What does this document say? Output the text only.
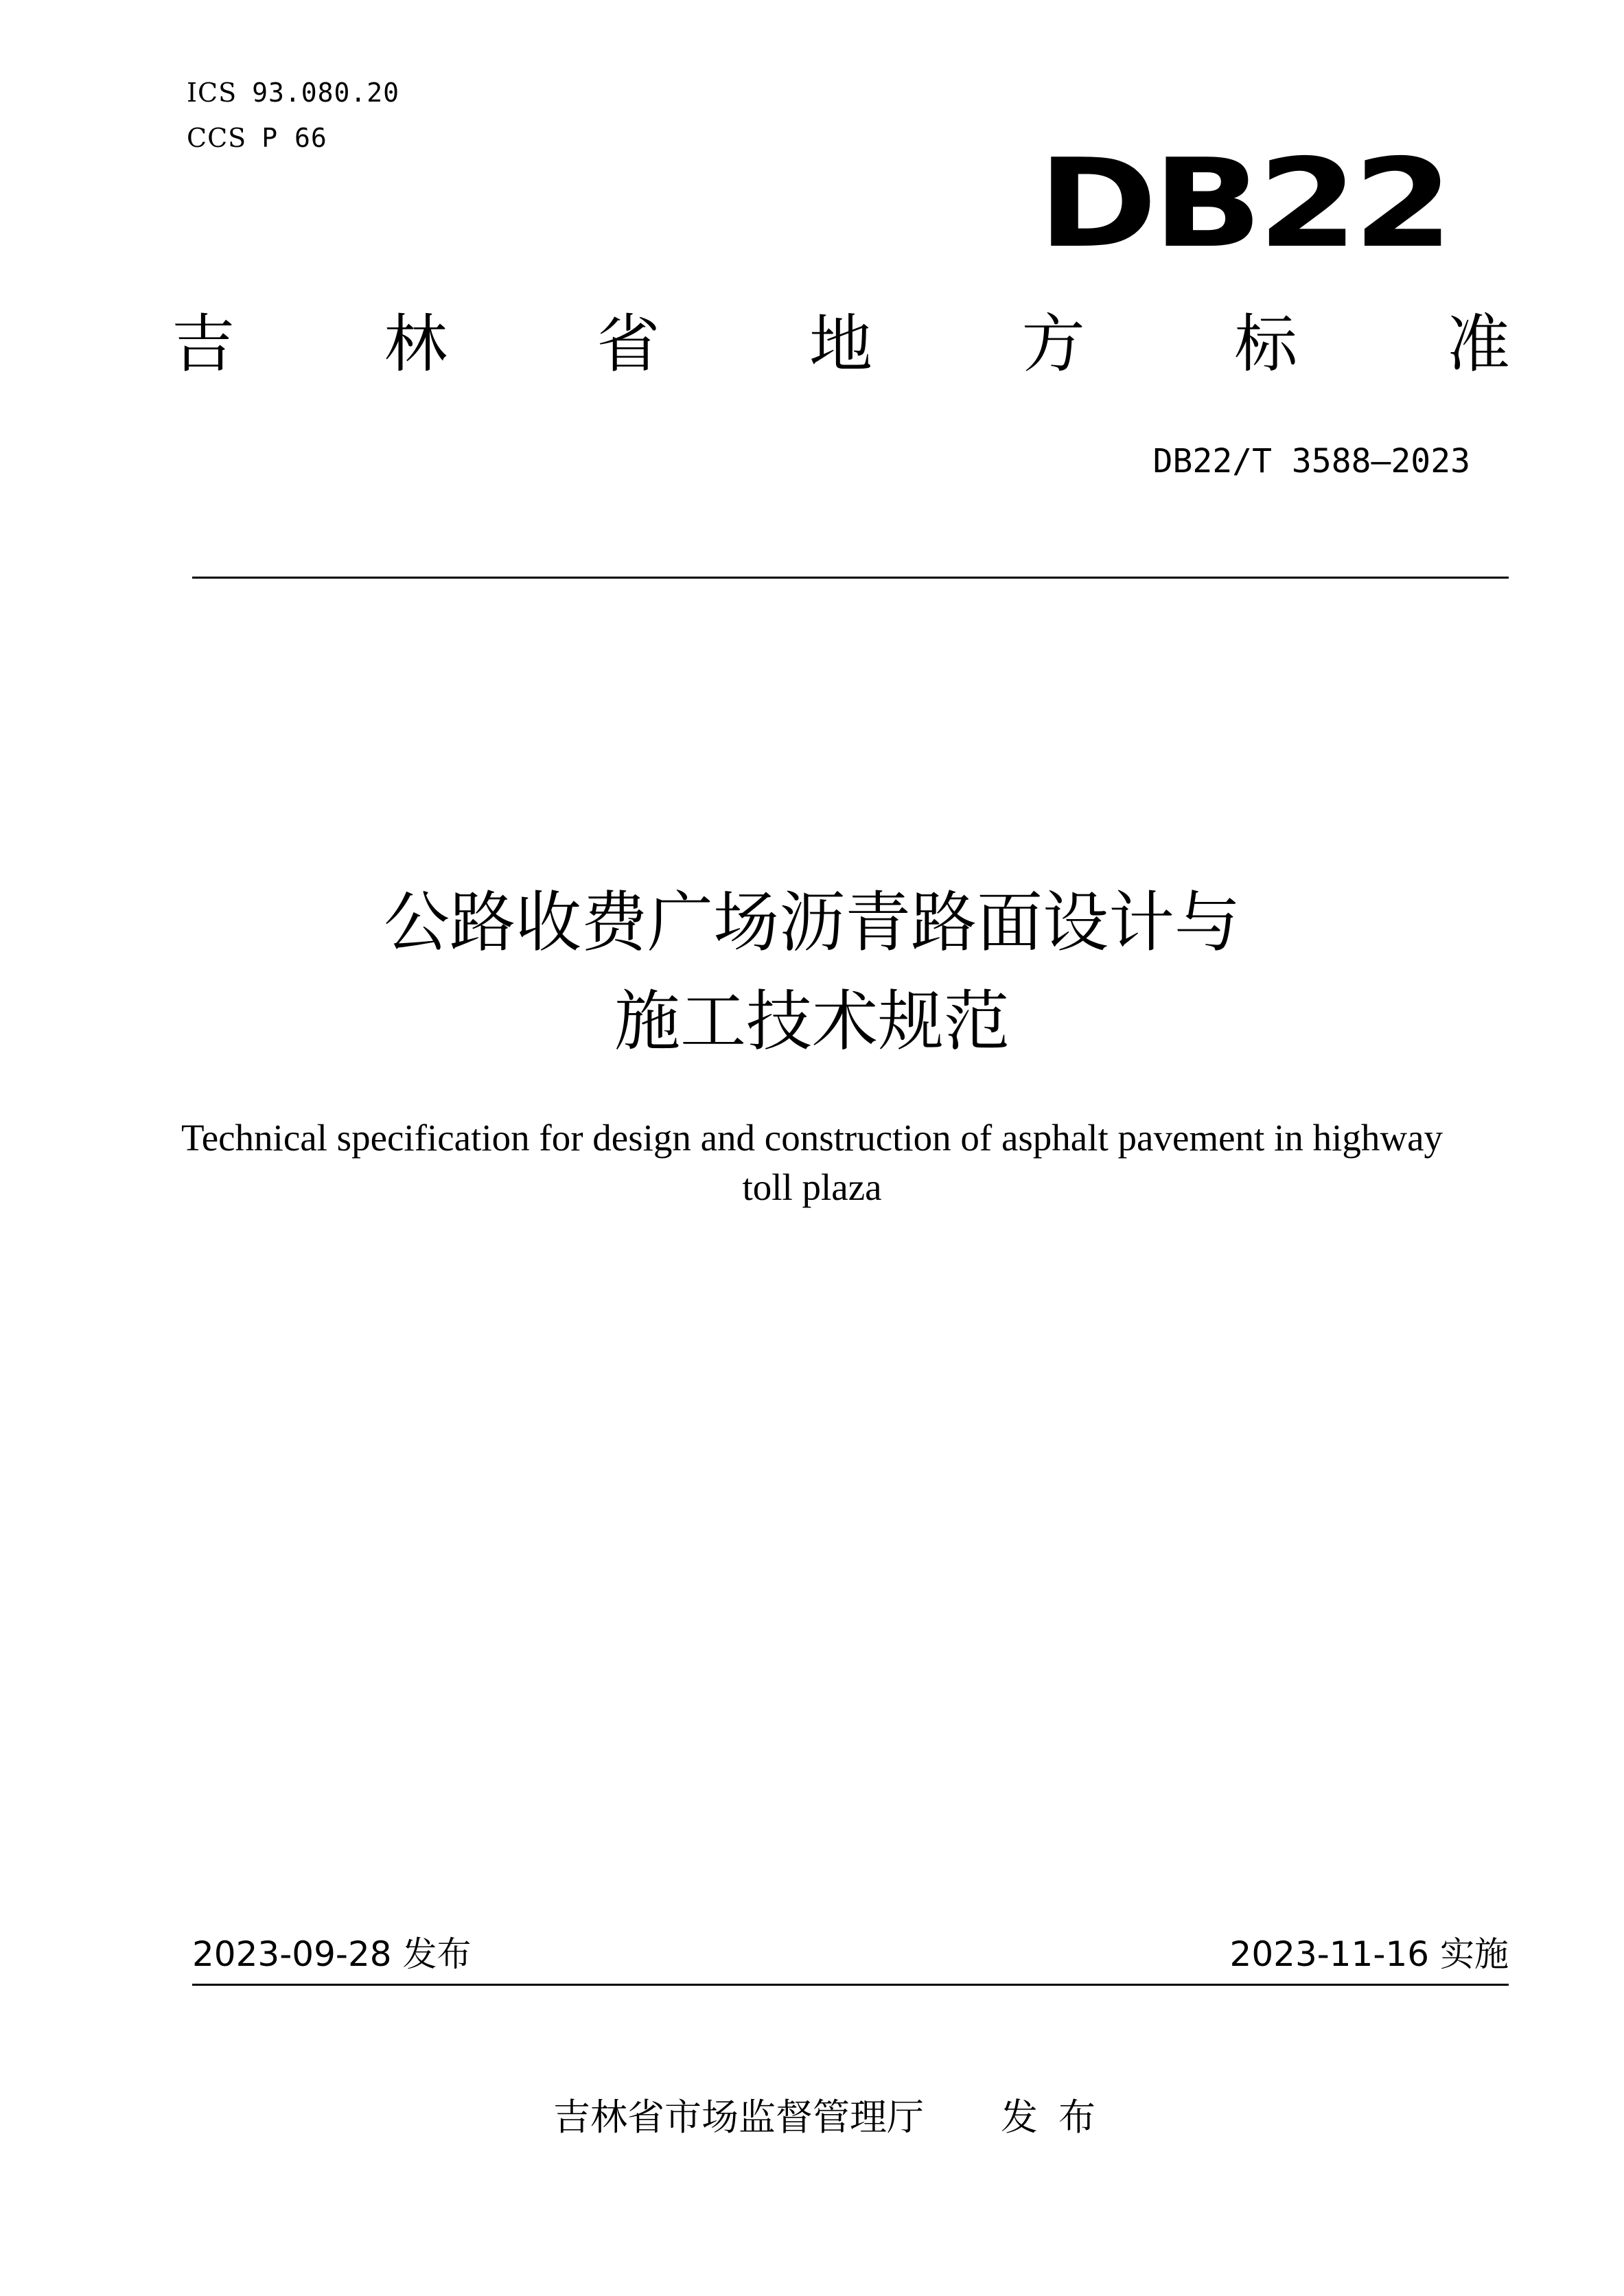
ICS 93.080.20
CCS P 66	DB22
吉 林 省 地 方 标 准
DB22/T 3588—2023
公路收费广场沥青路面设计与
施工技术规范
Technical specification for design and construction of asphalt pavement in highway
toll plaza
2023-09-28 发布	2023-11-16 实施
吉林省市场监督管理厅 发布
